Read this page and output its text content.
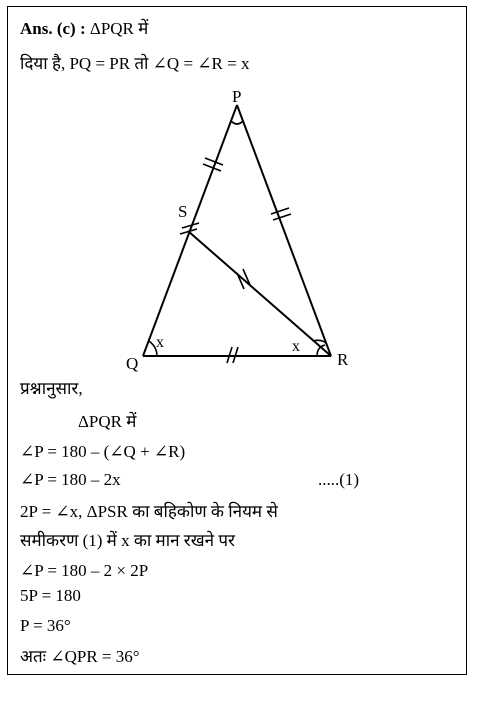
Ans. (c) : ΔPQR में
दिया है, PQ = PR तो ∠Q = ∠R = x
P
Q	R
S
x	x
प्रश्नानुसार,
ΔPQR में
∠P = 180 – (∠Q + ∠R)
∠P = 180 – 2x	.....(1)
2P = ∠x, ΔPSR का बहिकोण के नियम से
समीकरण (1) में x का मान रखने पर
∠P = 180 – 2 × 2P
5P = 180
P = 36°
अतः ∠QPR = 36°
